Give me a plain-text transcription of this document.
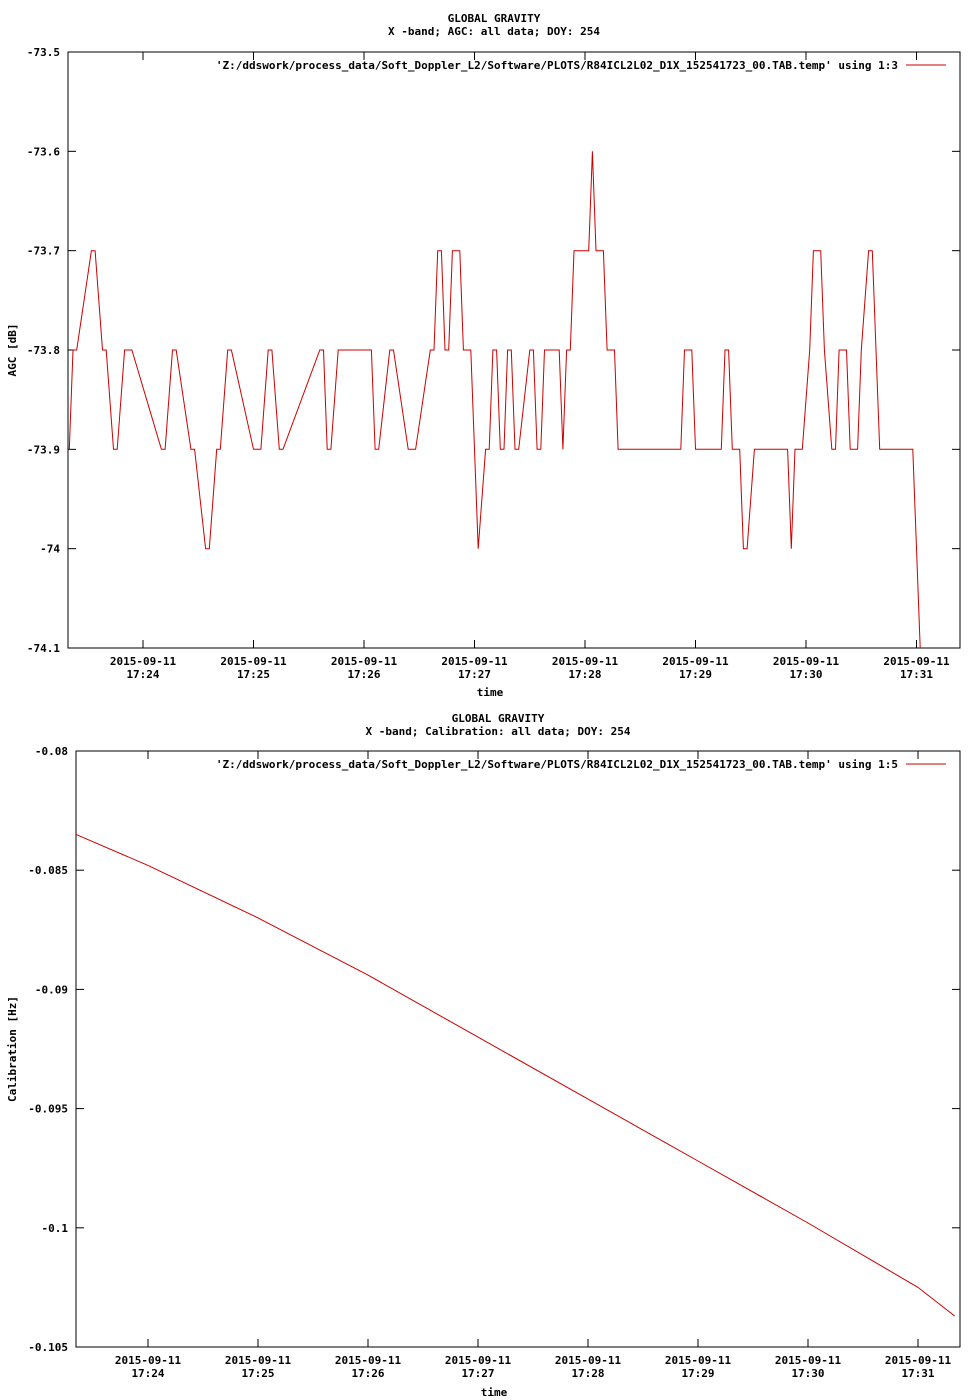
GLOBAL GRAVITY
X -band; AGC: all data; DOY: 254
-73.5
-73.6
-73.7
-73.8
-73.9
-74
-74.1
2015-09-11
17:24
2015-09-11
17:25
2015-09-11
17:26
2015-09-11
17:27
2015-09-11
17:28
2015-09-11
17:29
2015-09-11
17:30
2015-09-11
17:31
time
AGC [dB]
'Z:/ddswork/process_data/Soft_Doppler_L2/Software/PLOTS/R84ICL2L02_D1X_152541723_00.TAB.temp' using 1:3
GLOBAL GRAVITY
X -band; Calibration: all data; DOY: 254
-0.08
-0.085
-0.09
-0.095
-0.1
-0.105
2015-09-11
17:24
2015-09-11
17:25
2015-09-11
17:26
2015-09-11
17:27
2015-09-11
17:28
2015-09-11
17:29
2015-09-11
17:30
2015-09-11
17:31
time
Calibration [Hz]
'Z:/ddswork/process_data/Soft_Doppler_L2/Software/PLOTS/R84ICL2L02_D1X_152541723_00.TAB.temp' using 1:5
